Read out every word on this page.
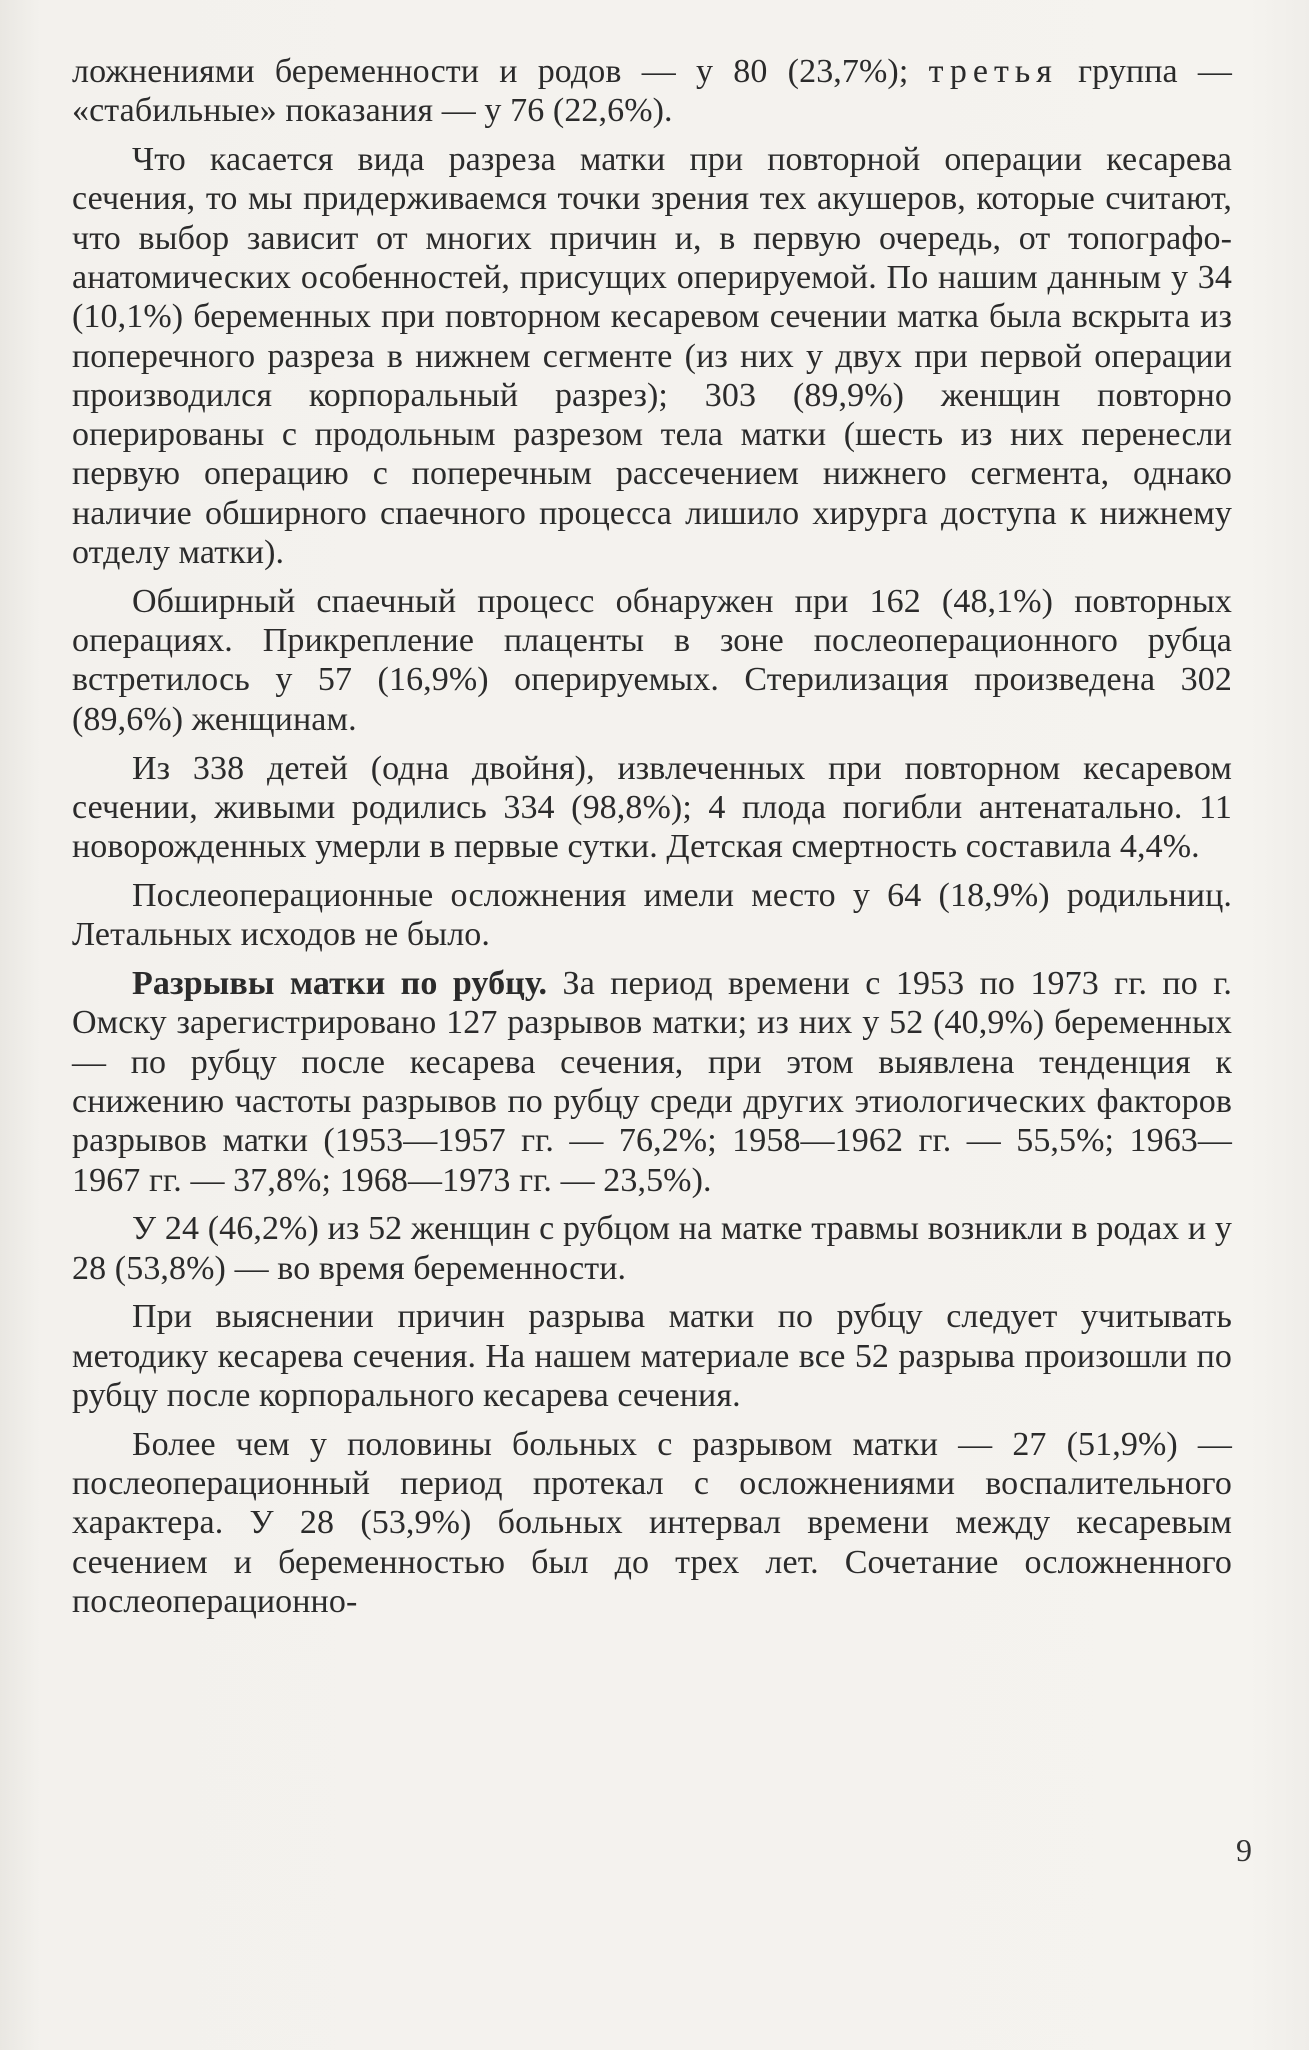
ложнениями беременности и родов — у 80 (23,7%); третья группа — «стабильные» показания — у 76 (22,6%).

Что касается вида разреза матки при повторной операции кесарева сечения, то мы придерживаемся точки зрения тех акушеров, которые считают, что выбор зависит от многих причин и, в первую очередь, от топографо-анатомических особенностей, присущих оперируемой. По нашим данным у 34 (10,1%) беременных при повторном кесаревом сечении матка была вскрыта из поперечного разреза в нижнем сегменте (из них у двух при первой операции производился корпоральный разрез); 303 (89,9%) женщин повторно оперированы с продольным разрезом тела матки (шесть из них перенесли первую операцию с поперечным рассечением нижнего сегмента, однако наличие обширного спаечного процесса лишило хирурга доступа к нижнему отделу матки).

Обширный спаечный процесс обнаружен при 162 (48,1%) повторных операциях. Прикрепление плаценты в зоне послеоперационного рубца встретилось у 57 (16,9%) оперируемых. Стерилизация произведена 302 (89,6%) женщинам.

Из 338 детей (одна двойня), извлеченных при повторном кесаревом сечении, живыми родились 334 (98,8%); 4 плода погибли антенатально. 11 новорожденных умерли в первые сутки. Детская смертность составила 4,4%.

Послеоперационные осложнения имели место у 64 (18,9%) родильниц. Летальных исходов не было.

Разрывы матки по рубцу. За период времени с 1953 по 1973 гг. по г. Омску зарегистрировано 127 разрывов матки; из них у 52 (40,9%) беременных — по рубцу после кесарева сечения, при этом выявлена тенденция к снижению частоты разрывов по рубцу среди других этиологических факторов разрывов матки (1953—1957 гг. — 76,2%; 1958—1962 гг. — 55,5%; 1963—1967 гг. — 37,8%; 1968—1973 гг. — 23,5%).

У 24 (46,2%) из 52 женщин с рубцом на матке травмы возникли в родах и у 28 (53,8%) — во время беременности.

При выяснении причин разрыва матки по рубцу следует учитывать методику кесарева сечения. На нашем материале все 52 разрыва произошли по рубцу после корпорального кесарева сечения.

Более чем у половины больных с разрывом матки — 27 (51,9%) — послеоперационный период протекал с осложнениями воспалительного характера. У 28 (53,9%) больных интервал времени между кесаревым сечением и беременностью был до трех лет. Сочетание осложненного послеоперационно-

9
